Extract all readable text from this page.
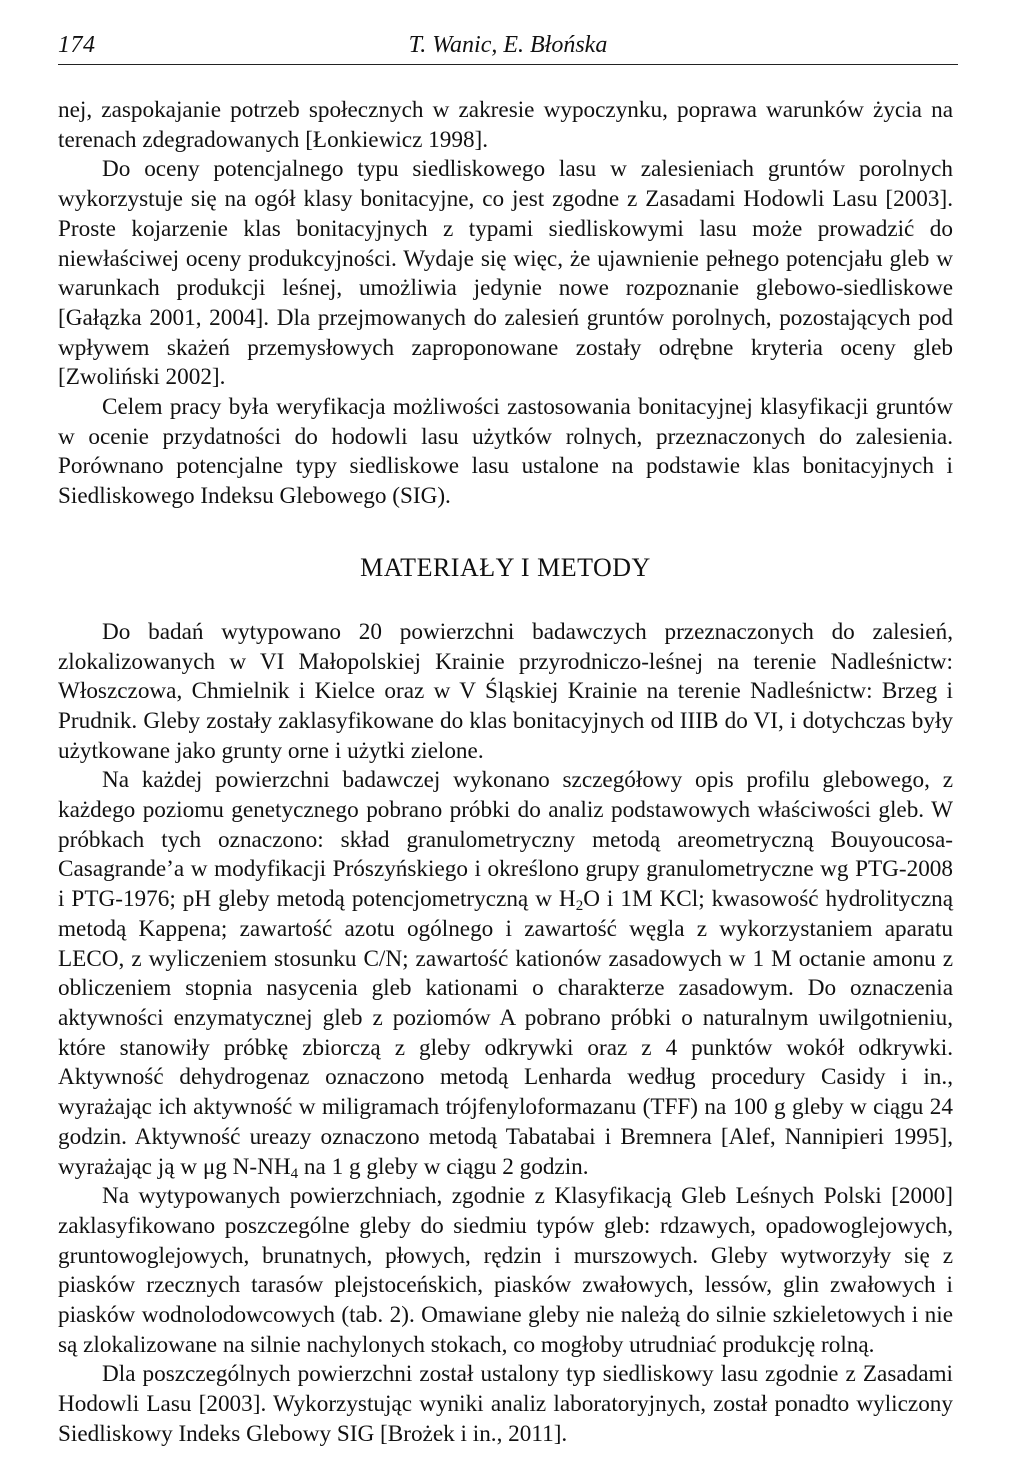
174	T. Wanic, E. Błońska

nej, zaspokajanie potrzeb społecznych w zakresie wypoczynku, poprawa warunków życia na terenach zdegradowanych [Łonkiewicz 1998].

Do oceny potencjalnego typu siedliskowego lasu w zalesieniach gruntów porolnych wykorzystuje się na ogół klasy bonitacyjne, co jest zgodne z Zasadami Hodowli Lasu [2003]. Proste kojarzenie klas bonitacyjnych z typami siedliskowymi lasu może prowadzić do niewłaściwej oceny produkcyjności. Wydaje się więc, że ujawnienie pełnego potencjału gleb w warunkach produkcji leśnej, umożliwia jedynie nowe rozpoznanie glebowo-siedliskowe [Gałązka 2001, 2004]. Dla przejmowanych do zalesień gruntów porolnych, pozostających pod wpływem skażeń przemysłowych zaproponowane zostały odrębne kryteria oceny gleb [Zwoliński 2002].

Celem pracy była weryfikacja możliwości zastosowania bonitacyjnej klasyfikacji gruntów w ocenie przydatności do hodowli lasu użytków rolnych, przeznaczonych do zalesienia. Porównano potencjalne typy siedliskowe lasu ustalone na podstawie klas bonitacyjnych i Siedliskowego Indeksu Glebowego (SIG).

MATERIAŁY I METODY

Do badań wytypowano 20 powierzchni badawczych przeznaczonych do zalesień, zlokalizowanych w VI Małopolskiej Krainie przyrodniczo-leśnej na terenie Nadleśnictw: Włoszczowa, Chmielnik i Kielce oraz w V Śląskiej Krainie na terenie Nadleśnictw: Brzeg i Prudnik. Gleby zostały zaklasyfikowane do klas bonitacyjnych od IIIB do VI, i dotychczas były użytkowane jako grunty orne i użytki zielone.

Na każdej powierzchni badawczej wykonano szczegółowy opis profilu glebowego, z każdego poziomu genetycznego pobrano próbki do analiz podstawowych właściwości gleb. W próbkach tych oznaczono: skład granulometryczny metodą areometryczną Bouyoucosa-Casagrande’a w modyfikacji Prószyńskiego i określono grupy granulometryczne wg PTG-2008 i PTG-1976; pH gleby metodą potencjometryczną w $H_2O$ i 1M KCl; kwasowość hydrolityczną metodą Kappena; zawartość azotu ogólnego i zawartość węgla z wykorzystaniem aparatu LECO, z wyliczeniem stosunku C/N; zawartość kationów zasadowych w 1 M octanie amonu z obliczeniem stopnia nasycenia gleb kationami o charakterze zasadowym. Do oznaczenia aktywności enzymatycznej gleb z poziomów A pobrano próbki o naturalnym uwilgotnieniu, które stanowiły próbkę zbiorczą z gleby odkrywki oraz z 4 punktów wokół odkrywki. Aktywność dehydrogenaz oznaczono metodą Lenharda według procedury Casidy i in., wyrażając ich aktywność w miligramach trójfenyloformazanu (TFF) na 100 g gleby w ciągu 24 godzin. Aktywność ureazy oznaczono metodą Tabatabai i Bremnera [Alef, Nannipieri 1995], wyrażając ją w μg $N-NH_4$ na 1 g gleby w ciągu 2 godzin.

Na wytypowanych powierzchniach, zgodnie z Klasyfikacją Gleb Leśnych Polski [2000] zaklasyfikowano poszczególne gleby do siedmiu typów gleb: rdzawych, opadowoglejowych, gruntowoglejowych, brunatnych, płowych, rędzin i murszowych. Gleby wytworzyły się z piasków rzecznych tarasów plejstoceńskich, piasków zwałowych, lessów, glin zwałowych i piasków wodnolodowcowych (tab. 2). Omawiane gleby nie należą do silnie szkieletowych i nie są zlokalizowane na silnie nachylonych stokach, co mogłoby utrudniać produkcję rolną.

Dla poszczególnych powierzchni został ustalony typ siedliskowy lasu zgodnie z Zasadami Hodowli Lasu [2003]. Wykorzystując wyniki analiz laboratoryjnych, został ponadto wyliczony Siedliskowy Indeks Glebowy SIG [Brożek i in., 2011].
